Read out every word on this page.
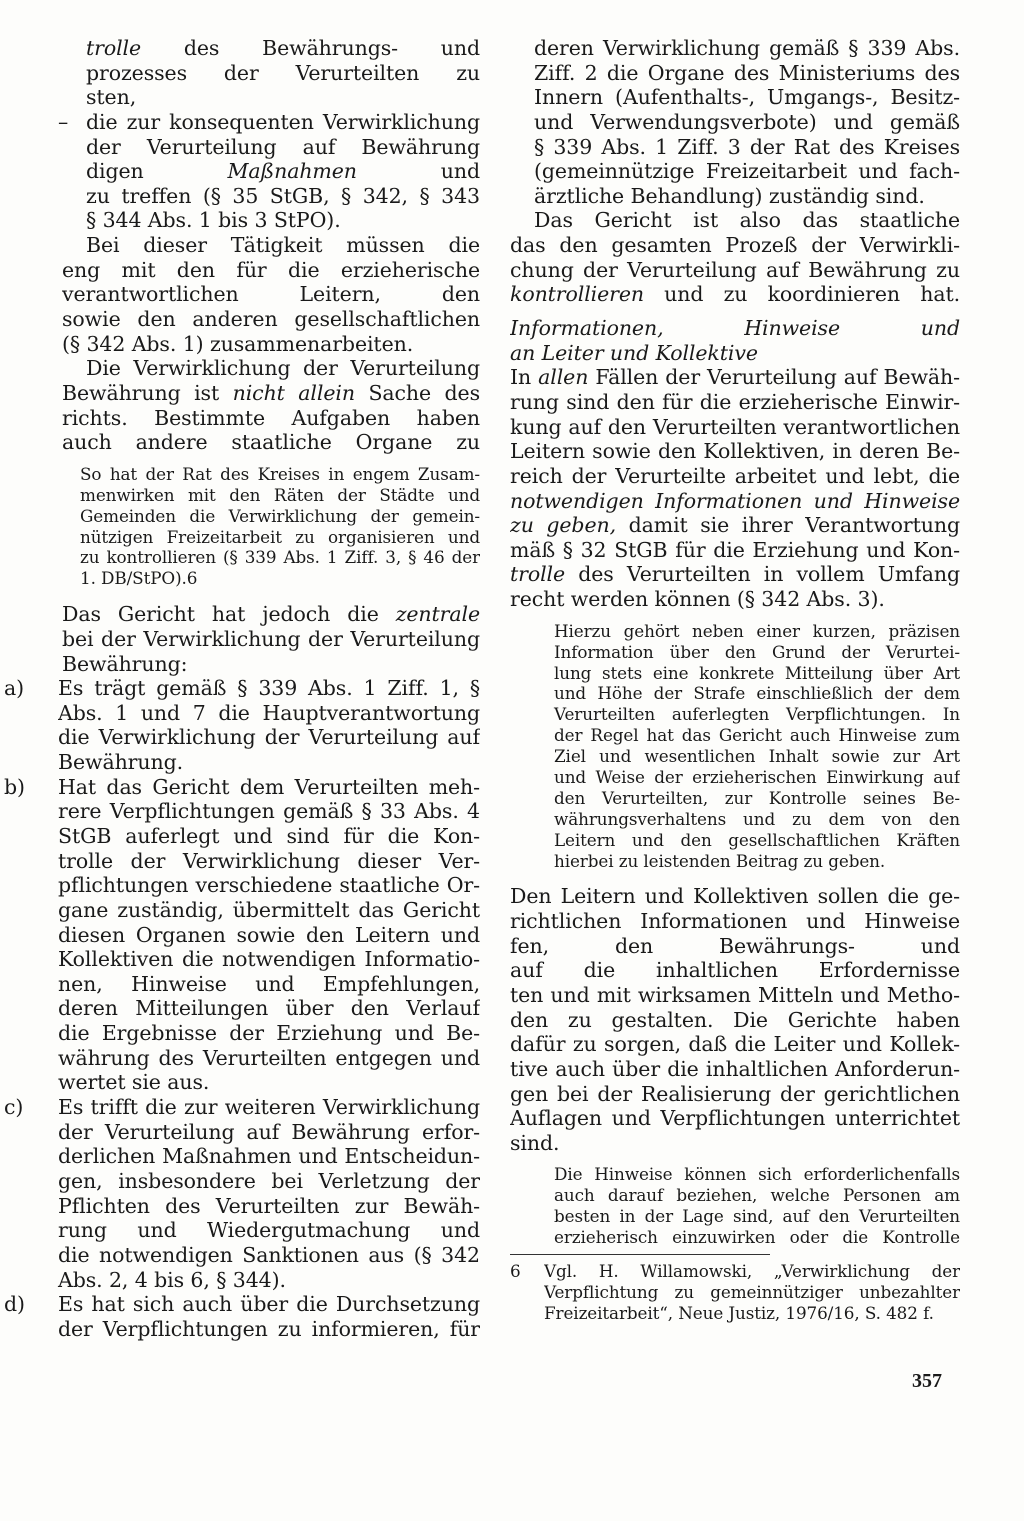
trolle des Bewährungs- und

prozesses der Verurteilten zu

sten,

– die zur konsequenten Verwirklichung

der Verurteilung auf Bewährung

digen Maßnahmen und

zu treffen (§ 35 StGB, § 342, § 343

§ 344 Abs. 1 bis 3 StPO).

Bei dieser Tätigkeit müssen die

eng mit den für die erzieherische

verantwortlichen Leitern, den

sowie den anderen gesellschaftlichen

(§ 342 Abs. 1) zusammenarbeiten.

Die Verwirklichung der Verurteilung

Bewährung ist nicht allein Sache des

richts. Bestimmte Aufgaben haben

auch andere staatliche Organe zu

So hat der Rat des Kreises in engem Zusam-

menwirken mit den Räten der Städte und

Gemeinden die Verwirklichung der gemein-

nützigen Freizeitarbeit zu organisieren und

zu kontrollieren (§ 339 Abs. 1 Ziff. 3, § 46 der

1. DB/StPO).6

Das Gericht hat jedoch die zentrale

bei der Verwirklichung der Verurteilung

Bewährung:

a) Es trägt gemäß § 339 Abs. 1 Ziff. 1, §

Abs. 1 und 7 die Hauptverantwortung

die Verwirklichung der Verurteilung auf

Bewährung.

b) Hat das Gericht dem Verurteilten meh-

rere Verpflichtungen gemäß § 33 Abs. 4

StGB auferlegt und sind für die Kon-

trolle der Verwirklichung dieser Ver-

pflichtungen verschiedene staatliche Or-

gane zuständig, übermittelt das Gericht

diesen Organen sowie den Leitern und

Kollektiven die notwendigen Informatio-

nen, Hinweise und Empfehlungen,

deren Mitteilungen über den Verlauf

die Ergebnisse der Erziehung und Be-

währung des Verurteilten entgegen und

wertet sie aus.

c) Es trifft die zur weiteren Verwirklichung

der Verurteilung auf Bewährung erfor-

derlichen Maßnahmen und Entscheidun-

gen, insbesondere bei Verletzung der

Pflichten des Verurteilten zur Bewäh-

rung und Wiedergutmachung und

die notwendigen Sanktionen aus (§ 342

Abs. 2, 4 bis 6, § 344).

d) Es hat sich auch über die Durchsetzung

der Verpflichtungen zu informieren, für

deren Verwirklichung gemäß § 339 Abs.

Ziff. 2 die Organe des Ministeriums des

Innern (Aufenthalts-, Umgangs-, Besitz-

und Verwendungsverbote) und gemäß

§ 339 Abs. 1 Ziff. 3 der Rat des Kreises

(gemeinnützige Freizeitarbeit und fach-

ärztliche Behandlung) zuständig sind.

Das Gericht ist also das staatliche

das den gesamten Prozeß der Verwirkli-

chung der Verurteilung auf Bewährung zu

kontrollieren und zu koordinieren hat.

Informationen, Hinweise und

an Leiter und Kollektive

In allen Fällen der Verurteilung auf Bewäh-

rung sind den für die erzieherische Einwir-

kung auf den Verurteilten verantwortlichen

Leitern sowie den Kollektiven, in deren Be-

reich der Verurteilte arbeitet und lebt, die

notwendigen Informationen und Hinweise

zu geben, damit sie ihrer Verantwortung

mäß § 32 StGB für die Erziehung und Kon-

trolle des Verurteilten in vollem Umfang

recht werden können (§ 342 Abs. 3).

Hierzu gehört neben einer kurzen, präzisen

Information über den Grund der Verurtei-

lung stets eine konkrete Mitteilung über Art

und Höhe der Strafe einschließlich der dem

Verurteilten auferlegten Verpflichtungen. In

der Regel hat das Gericht auch Hinweise zum

Ziel und wesentlichen Inhalt sowie zur Art

und Weise der erzieherischen Einwirkung auf

den Verurteilten, zur Kontrolle seines Be-

währungsverhaltens und zu dem von den

Leitern und den gesellschaftlichen Kräften

hierbei zu leistenden Beitrag zu geben.

Den Leitern und Kollektiven sollen die ge-

richtlichen Informationen und Hinweise

fen, den Bewährungs- und

auf die inhaltlichen Erfordernisse

ten und mit wirksamen Mitteln und Metho-

den zu gestalten. Die Gerichte haben

dafür zu sorgen, daß die Leiter und Kollek-

tive auch über die inhaltlichen Anforderun-

gen bei der Realisierung der gerichtlichen

Auflagen und Verpflichtungen unterrichtet

sind.

Die Hinweise können sich erforderlichenfalls

auch darauf beziehen, welche Personen am

besten in der Lage sind, auf den Verurteilten

erzieherisch einzuwirken oder die Kontrolle

6 Vgl. H. Willamowski, „Verwirklichung der

Verpflichtung zu gemeinnütziger unbezahlter

Freizeitarbeit“, Neue Justiz, 1976/16, S. 482 f.

357
